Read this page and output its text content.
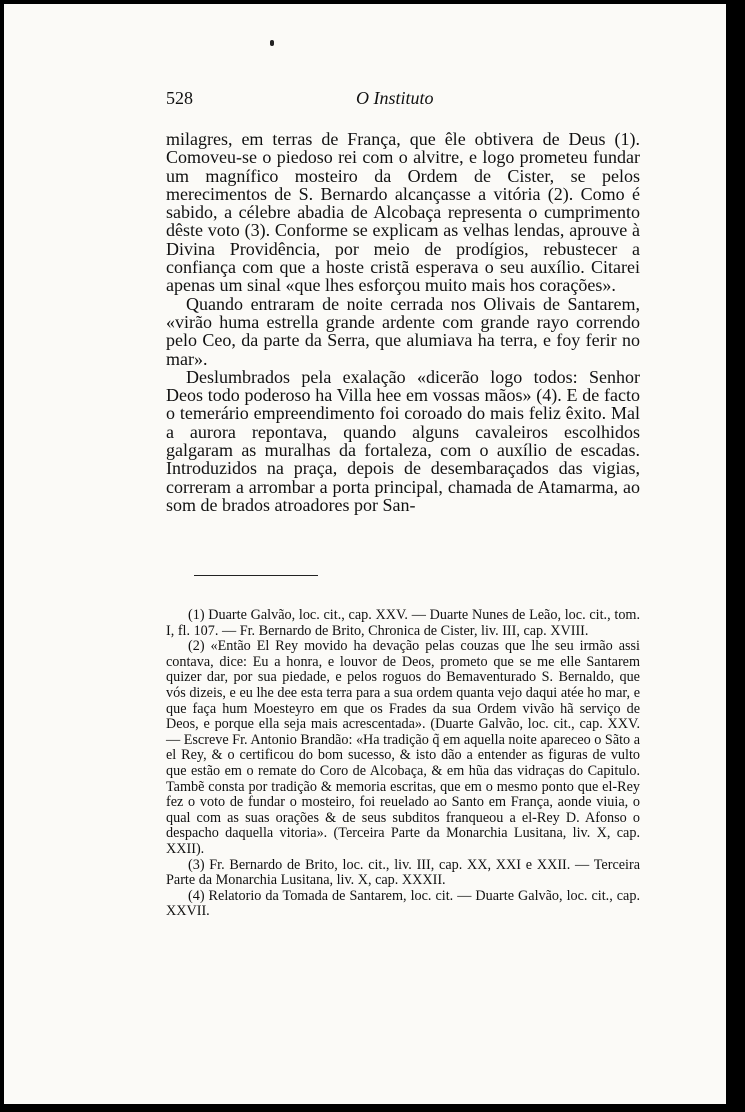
528	O Instituto

milagres, em terras de França, que êle obtivera de Deus (1). Comoveu-se o piedoso rei com o alvitre, e logo prometeu fundar um magnífico mosteiro da Ordem de Cister, se pelos merecimentos de S. Bernardo alcançasse a vitória (2). Como é sabido, a célebre abadia de Alcobaça representa o cumprimento dêste voto (3). Conforme se explicam as velhas lendas, aprouve à Divina Providência, por meio de prodígios, rebustecer a confiança com que a hoste cristã esperava o seu auxílio. Citarei apenas um sinal «que lhes esforçou muito mais hos corações».

Quando entraram de noite cerrada nos Olivais de Santarem, «virão huma estrella grande ardente com grande rayo correndo pelo Ceo, da parte da Serra, que alumiava ha terra, e foy ferir no mar».

Deslumbrados pela exalação «dicerão logo todos: Senhor Deos todo poderoso ha Villa hee em vossas mãos» (4). E de facto o temerário empreendimento foi coroado do mais feliz êxito. Mal a aurora repontava, quando alguns cavaleiros escolhidos galgaram as muralhas da fortaleza, com o auxílio de escadas. Introduzidos na praça, depois de desembaraçados das vigias, correram a arrombar a porta principal, chamada de Atamarma, ao som de brados atroadores por San-

(1) Duarte Galvão, loc. cit., cap. XXV. — Duarte Nunes de Leão, loc. cit., tom. I, fl. 107. — Fr. Bernardo de Brito, Chronica de Cister, liv. III, cap. XVIII.

(2) «Então El Rey movido ha devação pelas couzas que lhe seu irmão assi contava, dice: Eu a honra, e louvor de Deos, prometo que se me elle Santarem quizer dar, por sua piedade, e pelos roguos do Bemaventurado S. Bernaldo, que vós dizeis, e eu lhe dee esta terra para a sua ordem quanta vejo daqui atée ho mar, e que faça hum Moesteyro em que os Frades da sua Ordem vivão hã serviço de Deos, e porque ella seja mais acrescentada». (Duarte Galvão, loc. cit., cap. XXV. — Escreve Fr. Antonio Brandão: «Ha tradição q̃ em aquella noite apareceo o Sãto a el Rey, & o certificou do bom sucesso, & isto dão a entender as figuras de vulto que estão em o remate do Coro de Alcobaça, & em hũa das vidraças do Capitulo. Tambẽ consta por tradição & memoria escritas, que em o mesmo ponto que el-Rey fez o voto de fundar o mosteiro, foi reuelado ao Santo em França, aonde viuia, o qual com as suas orações & de seus subditos franqueou a el-Rey D. Afonso o despacho daquella vitoria». (Terceira Parte da Monarchia Lusitana, liv. X, cap. XXII).

(3) Fr. Bernardo de Brito, loc. cit., liv. III, cap. XX, XXI e XXII. — Terceira Parte da Monarchia Lusitana, liv. X, cap. XXXII.

(4) Relatorio da Tomada de Santarem, loc. cit. — Duarte Galvão, loc. cit., cap. XXVII.
